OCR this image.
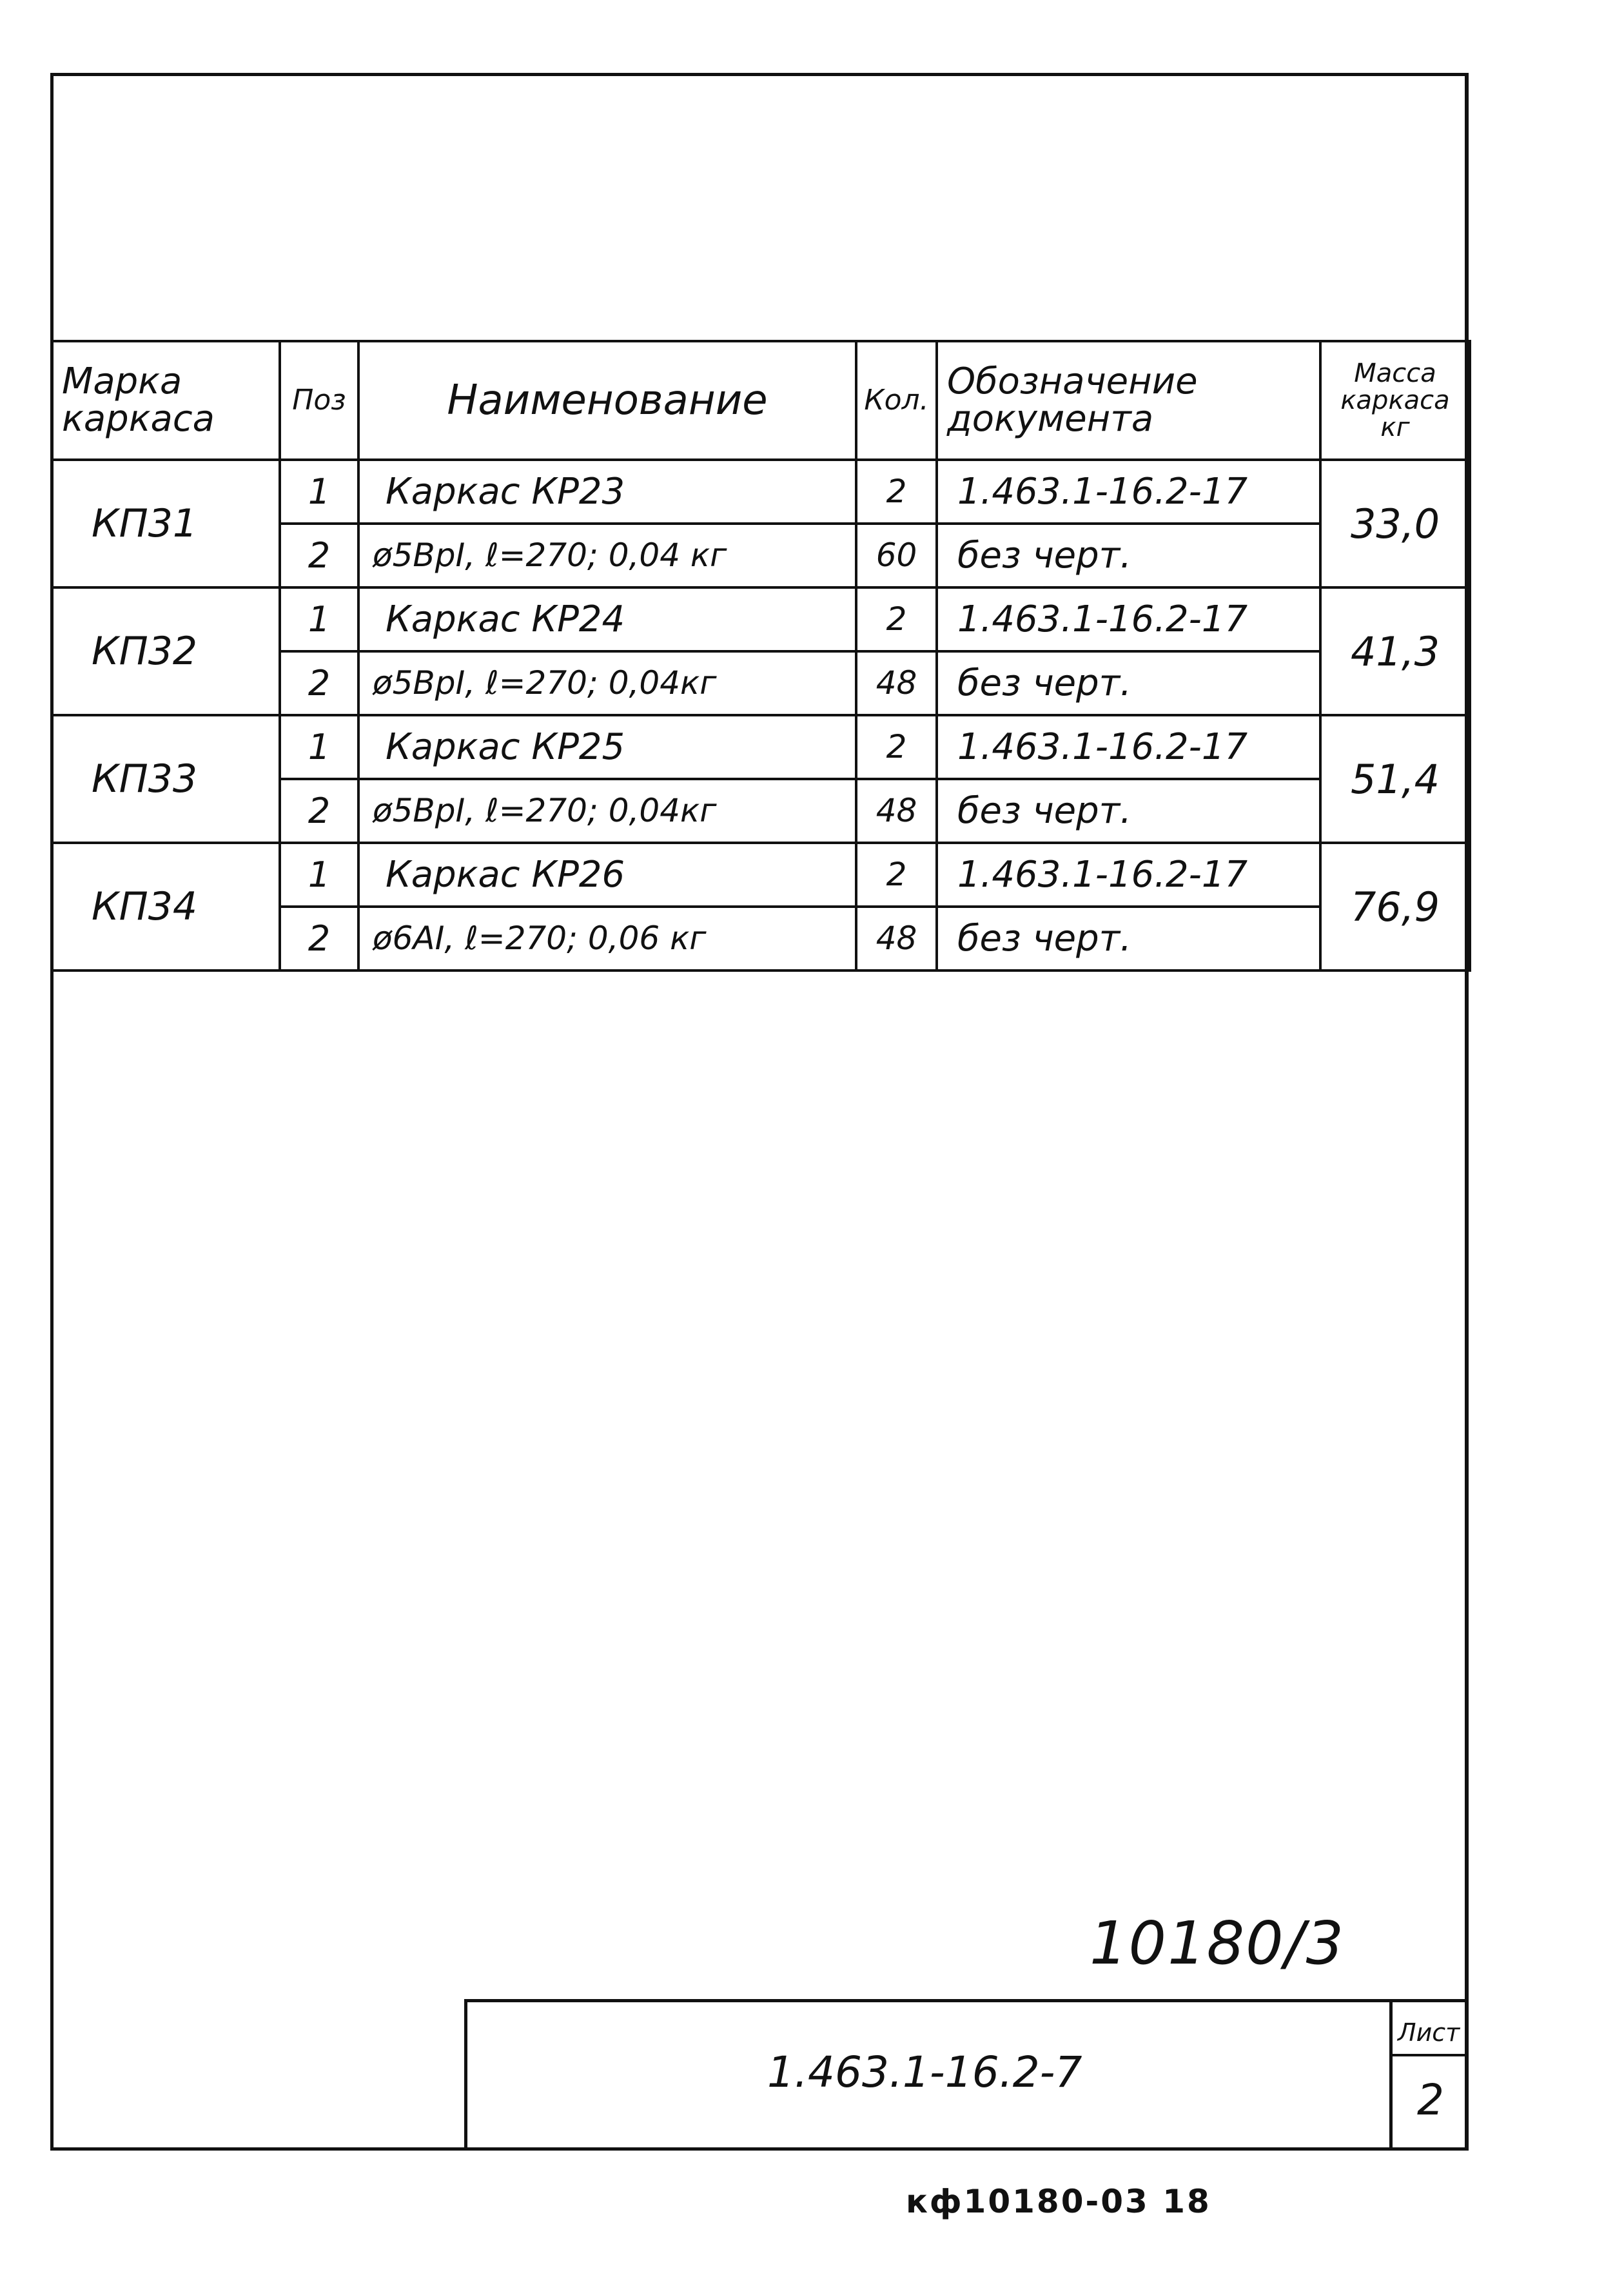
Марка каркаса	Поз	Наименование	Кол.	Обозначение документа	Масса каркаса кг
КП31	1	Каркас КР23	2	1.463.1-16.2-17	33,0
	2	ø5ВрI, ℓ=270; 0,04 кг	60	без черт.	
КП32	1	Каркас КР24	2	1.463.1-16.2-17	41,3
	2	ø5ВрI, ℓ=270; 0,04кг	48	без черт.	
КП33	1	Каркас КР25	2	1.463.1-16.2-17	51,4
	2	ø5ВрI, ℓ=270; 0,04кг	48	без черт.	
КП34	1	Каркас КР26	2	1.463.1-16.2-17	76,9
	2	ø6АI, ℓ=270; 0,06 кг	48	без черт.	
10180/3
1.463.1-16.2-7
Лист
2
кф10180-03 18
